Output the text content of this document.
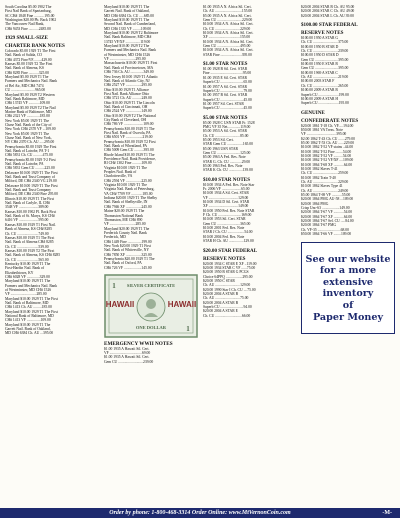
South Carolina $5.00 1902 The
First Natl Bank of Spartanburg,
SC CH# 1848 Fine ...........195.00
Washington $20.00 Pb. Back 1902
The Vancouver Natl Bank,
CH# 9453 Fine ...........2485.00
1929 SMALL-SIZE
CHARTER BANK NOTES
Colorado $5.00 1929 T1 The First
Natl. Bank of Salida, CO
CH# 4372 Fine/VF.........429.00
Kansas $5.00 1929 T2 The First
Natl. Bank of Almena, KS
CH# 8285 Fine ...........325.00
Maryland $5.00 1929 T1 The
Farmers and Mechanics Natl. Bank
of Bel Air, MD CH# 7474
CU ..........................965.00
Maryland $5.00 1929 T2 Western
Natl. Bank Baltimore, MD
CH# 13745 VF ............109.00
Maryland $5.00 1929 T2 The Natl
Marine Bank of Baltimore, MD
CH# 2321 VF ..............185.00
New York $5.00 1929 T1 The
Chase Natl. Bank of the City of
New York CH# 2370 VF ...109.00
New York $5.00 1929 T1 The
Chase Natl. Bank of New York,
NY CH# 2370 Ch. AU .....295.00
Pennsylvania $5.00 1929 The First
Natl. Bank of Latrobe, PA T-1
CH# 5831 Ch. CU ..........475.00
Pennsylvania $5.00 1929 T-2 First
Natl. Bank of Latrobe, PA
CH# 5831 Gem CU ..........225.00
Delaware $10.00 1929 T1 The First
Natl. Bank and Trust Company of
Milford, DE CH# 2340 VG 219.00
Delaware $10.00 1929 T1 The First
Natl. Bank and Trust Company
Milford, DE CH# 2340 Fine 295.00
Illinois $10.00 1929 T1 The First
Natl. Bank of Carlyle, IL CH#
3548 VF .....................389.00
Kansas $10.00 1902 Pl. Back First
Natl. Bank of St. Marys, KS CH#
6416 VF .....................595.00
Kansas $10.00 1929 T1 First Natl.
Bank of Almena, KS CH# 8285
Ch. CU .......................749.00
Kansas $10.00 1929 T1 The First
Natl. Bank of Almena CH# 8285
Ch. CU .......................539.00
Kansas $10.00 1929 T2 The First
Natl. Bank of Almena, KS CH# 8285
Ch. CU .......................565.00
Kentucky $10.00 1929 T1 The
First-Hardin Natl. Bank of
Elizabethtown, KY
CH# 6028 VF ..............329.00
Maryland $10.00 1929 T1 The
Farmers and Mechanics Natl. Bank
of Westminster, MD CH# 1526
VF ............................285.00
Maryland $10.00 1929 T1 The First
Natl. Bank of Baltimore, MD
CH# 1413 Ch. AU .........185.00
Maryland $10.00 1929 T1 The First
National Bank of Baltimore, MD
CH# 1413 VF ...............109.00
Maryland $10.00 1929 T1 The
Garrett Natl. Bank of Oakland,
MD CH# 6384 Ch. AU ...395.00
Maryland $10.00 1929 T1 The
Garrett Natl. Bank of Oakland,
MD CH# 6384 Ch. CU .....685.00
Maryland $10.00 1929 T1 The
Second Natl. Bank of Cumberland,
MD CH# 1335 VF .........109.00
Maryland $10.00 1929 T2 Baltimore
Natl. Bank Baltimore, MD CH#
13745 VF/XF ................119.00
Maryland $10.00 1929 T2 The
Farmers and Mechanics Natl. Bank
of Westminster, MD CH# 1526
VF ............................295.00
Massachusetts $10.00 1929 T1 First
Natl. Bank of Provincetown, MA
CH# 736 Ch. AU ..............349.00
New Jersey $10.00 1929 T1 Atlantic
Natl. Bank of Atlantic City, NJ
CH# 2527 VF .................295.00
Ohio $10.00 1929 T1 Alliance
First Natl. Bank Alliance Ohio
CH# 3721 Ch. AU ..........249.00
Ohio $10.00 1929 T1 The Lincoln
Natl. Bank of Cincinnati, OH
CH# 2524 VF .................149.00
Ohio $10.00 1929 T2 The National
City Bank of Cleveland, OH
CH# 786 VF .....................109.00
Pennsylvania $10.00 1929 T1 The
First Natl. Bank of Osceola, PA
CH# 6501 VF ..................219.00
Pennsylvania $10.00 1929 T2 First
Natl. Bank of Wheatland, PA
CH# 5009 Gem CU ..........395.00
Rhode Island $10.00 1929 T1 The
Providence Natl. Bank Providence,
RI CH# 1302 Fine ..........109.00
Virginia $10.00 1929 T1 The
Peoples Natl. Bank of
Charlottesville, VA
CH# 2594 VF .................225.00
Virginia $10.00 1929 T1 The
Virginia Natl. Bank of Petersburg,
VA CH# 7709 VF ............185.00
Indiana $20.00 1929 T1 The Shelby
Natl. Bank of Shelbyville, IN
CH# 7946 XF .................245.00
Maine $20.00 1929 T1 The
Thomaston National Bank
Thomaston, ME CH# 890
VF ............................285.00
Maryland $20.00 1929 T1 The
Frederick County Natl. Bank
Frederick, MD
CH# 1449 Fine ...............199.00
New York $20.00 1929 T1 First
Natl. Bank of Whitesville, NY
CH# 7850 XF .................325.00
Pennsylvania $20.00 1929 T1 The
Natl. Bank of Oxford, PA
CH# 726 VF ...................145.00
SILVER CERTIFICATE
HAWAII	HAWAII
ONE DOLLAR
1
1
EMERGENCY WWII NOTES
$1.00 1935 A Hawaii Sil. Cert.
VF ...................................69.00
$1.00 1935 A Hawaii Sil. Cert.
Gem CU ...........................239.00
$1.00 1935 A N. Africa Sil. Cert.
Ch. AU .............................155.00
$5.00 1935 A N. Africa Sil. Cert.
Gem CU ...........................229.00
$10.00 1934 A N. Africa Sil. Cert.
Ch. CU ...........................229.00
$10.00 1934 A N. Africa Sil. Cert.
XF ..................................155.00
$10.00 1934 A N. Africa Sil. Cert.
Gem CU .........................495.00
$10.00 1934 A N. Africa Sil. Cert.
STAR Fine .......................395.00
$1.00 STAR NOTES
$1.00 1928 B Sil. Cert. STAR
Fine ...................................95.00
$1.00 1935 E Sil. Cert. STAR
Superb CU .........................65.00
$1.00 1957 A Sil. Cert. STAR
Superb CU .........................79.00
$1.00 1957 B Sil. Cert. STAR
Superb CU .........................45.00
$1.00 1957 Sil. Cert. STAR
Superb CU .........................45.00
$5.00 STAR NOTES
$5.00 1928 C USN STAR Fr. 1528
PMG VF 35 Net..............119.00
$5.00 1953 A Sil. Cert. STAR
Ch. CU ...........................85.00
$5.00 1953 Sil. Cert.
STAR Gem CU .................165.00
$5.00 1963 USN STAR
Gem CU .........................125.00
$5.00 1963 A Fed. Res. Note
STAR G. Ch. CU .............29.00
$5.00 1963 Fed. Res. Note
STAR K Ch. CU ...............139.00
$10.00 STAR NOTES
$10.00 1934 A Fed. Res. Note Star
Fr. 2006 VF .....................65.00
$10.00 1934 A Sil. Cert. STAR
VF ................................129.00
$10.00 1934 D Sil. Cert. STAR
XF ................................149.00
$10.00 1950 Fed. Res. Note STAR
F Ch. CU .........................169.00
$10.00 1953 Sil. Cert. STAR
Gem CU .........................365.00
$10.00 2001 Fed. Res. Note
STAR J Ch. CU ..................54.00
$10.00 2004 Fed. Res. Note
STAR H Ch. AU ................129.00
$20.00 STAR FEDERAL
RESERVE NOTES
$20.00 1934 C STAR E XF ..119.00
$20.00 1934 STAR C VF ......75.00
$20.00 1950 B STAR G PCGS
Choice 64PPQ ..................295.00
$20.00 1950 C STAR
Ch. AU ...........................129.00
$20.00 1990 Star I Ch. CU ....75.00
$20.00 2004 A STAR B
Ch. AU ...........................75.00
$20.00 2004 A STAR B
Superb CU .........................94.00
$20.00 2004 A STAR E
Ch. CU .............................66.00
$20.00 2004 STAR B Ch. AU 95.00
$20.00 2004 STAR C Ch. AU 49.00
$20.00 2004 STAR L Ch. AU 39.00
$100.00 STAR FEDERAL
RESERVE NOTES
$100.00 1950 A STAR G
Ch. CU ...........................375.00
$100.00 1950 B STAR D
Ch. CU ...........................239.00
$100.00 1950 D STAR D
Gem CU .........................395.00
$100.00 1950 E STAR B
Gem CU .........................395.00
$100.00 1969 A STAR C
Ch. AU ...........................219.00
$100.00 2003 STAR F
Ch. CU ...........................265.00
$100.00 2009 A STAR B
Superb CU ......................199.00
$100.00 2009 A STAR H
Superb CU ......................195.00
GENUINE
CONFEDERATE NOTES
$20.00 1861 T-18 Ch. VF.....194.00
$50.00 1861 VA Treas. Note
VF ................................395.00
$2.00 1862 T-43 Ch. CU .......279.00
$5.00 1862 T-53 Ch. AU ......229.00
$10.00 1862 T-52 VF stains ..44.00
$10.00 1862 T-52 Fine ........54.00
$10.00 1862 T-52 VF ..........54.00
$10.00 1862 T-52 VF/XF ....109.00
$10.00 1864 T-68 XF ...........64.00
$10.00 1862 Slaves T-41
Ch. CU ...........................259.00
$10.00 1862 Train T-40
Ch. AU ...........................229.00
$10.00 1862 Slaves Type 41
Ch. AU ...........................249.00
$5.00 1864 T-69 VF ...........55.00
$20.00 1864 PMG AU-58 ...109.00
$20.00 1864 PMG
Crisp Unc-63 ...................149.00
$20.00 1864 T-67 VF ...........54.00
$20.00 1864 T-67 XF ...........64.00
$20.00 1864 T-67 Sel. CU .....84.00
$20.00 1864 T-67 PMG
Ch. VF-35 .........................68.00
$50.00 1864 T-66 VF ........109.00
See our website
for a more
extensive
inventory
of
Paper Money
Order by phone: 1-800-468-3314 Order Online: www.MtVernonCoin.com	-M-
